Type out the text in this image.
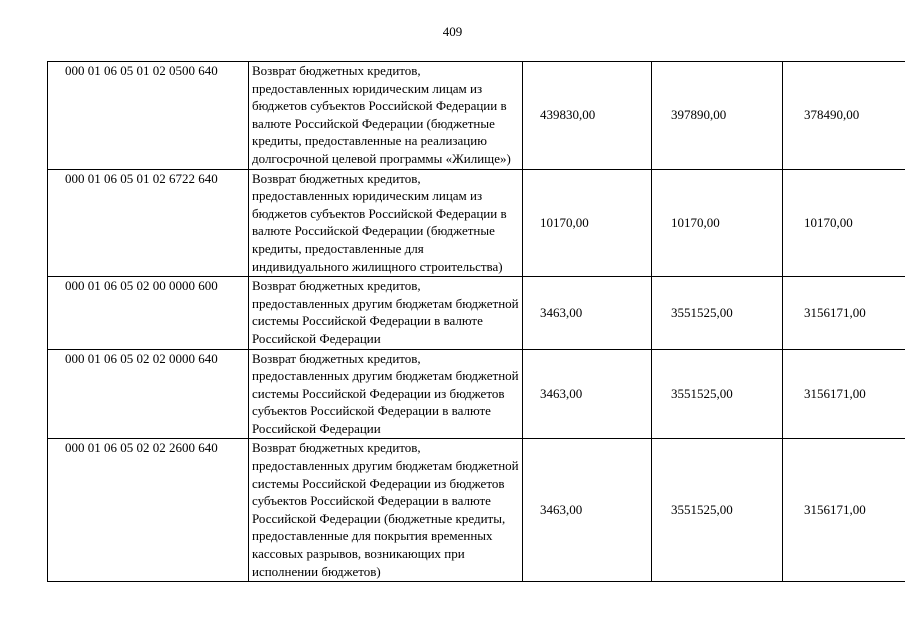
409
000 01 06 05 01 02 0500 640	Возврат бюджетных кредитов, предоставленных юридическим лицам из бюджетов субъектов Российской Федерации в валюте Российской Федерации (бюджетные кредиты, предоставленные на реализацию долгосрочной целевой программы «Жилище»)	439830,00	397890,00	378490,00
000 01 06 05 01 02 6722 640	Возврат бюджетных кредитов, предоставленных юридическим лицам из бюджетов субъектов Российской Федерации в валюте Российской Федерации (бюджетные кредиты, предоставленные для индивидуального жилищного строительства)	10170,00	10170,00	10170,00
000 01 06 05 02 00 0000 600	Возврат бюджетных кредитов, предоставленных другим бюджетам бюджетной системы Российской Федерации в валюте Российской Федерации	3463,00	3551525,00	3156171,00
000 01 06 05 02 02 0000 640	Возврат бюджетных кредитов, предоставленных другим бюджетам бюджетной системы Российской Федерации из бюджетов субъектов Российской Федерации в валюте Российской Федерации	3463,00	3551525,00	3156171,00
000 01 06 05 02 02 2600 640	Возврат бюджетных кредитов, предоставленных другим бюджетам бюджетной системы Российской Федерации из бюджетов субъектов Российской Федерации в валюте Российской Федерации (бюджетные кредиты, предоставленные для покрытия временных кассовых разрывов, возникающих при исполнении бюджетов)	3463,00	3551525,00	3156171,00
